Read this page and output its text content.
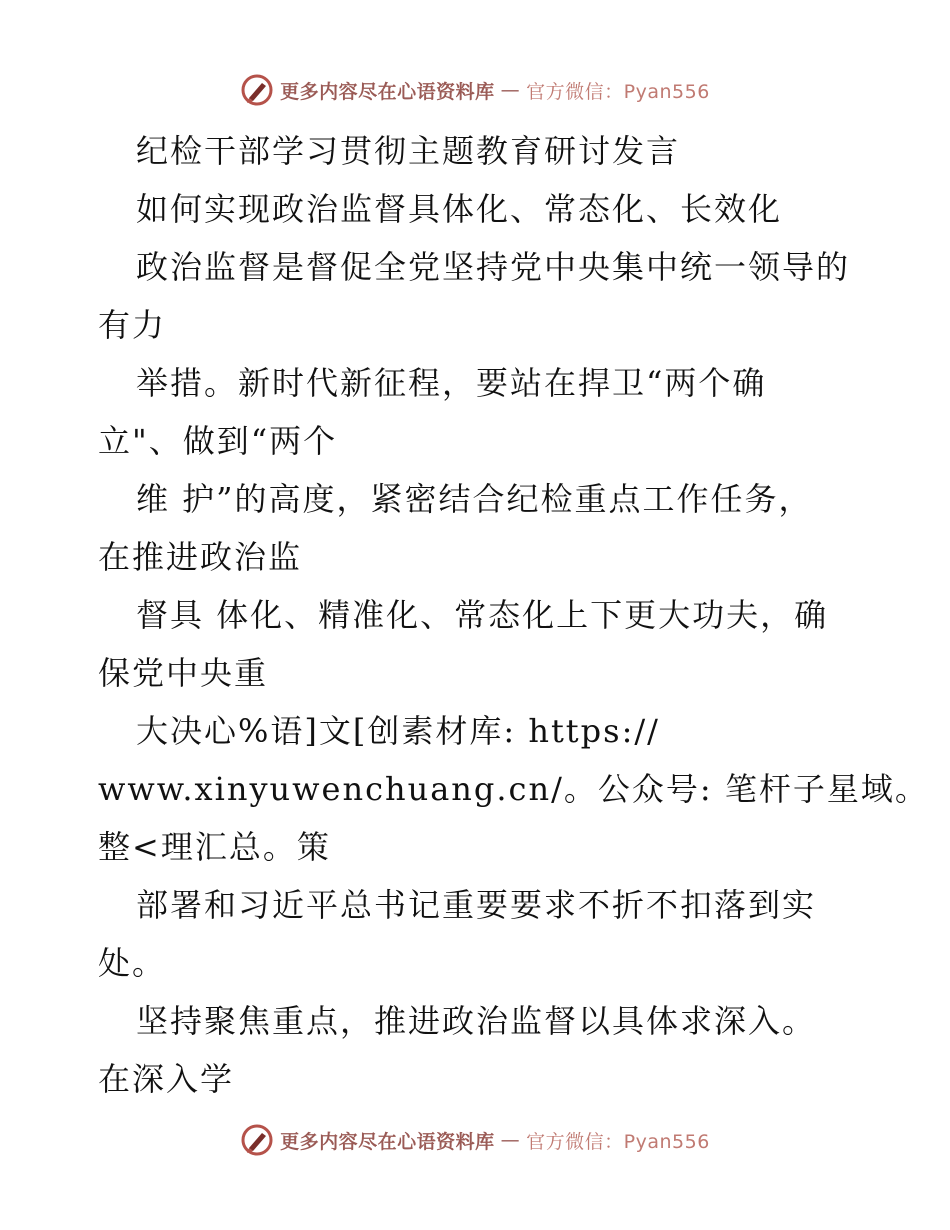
更多内容尽在心语资料库 — 官方微信：Pyan556
纪检干部学习贯彻主题教育研讨发言
如何实现政治监督具体化、常态化、长效化
政治监督是督促全党坚持党中央集中统一领导的
有力
举措。新时代新征程，要站在捍卫“两个确
立"、做到“两个
维 护”的高度，紧密结合纪检重点工作任务，
在推进政治监
督具 体化、精准化、常态化上下更大功夫，确
保党中央重
大决心%语]文[创素材库: https://
www.xinyuwenchuang.cn/。公众号: 笔杆子星域。
整<理汇总。策
部署和习近平总书记重要要求不折不扣落到实
处。
坚持聚焦重点，推进政治监督以具体求深入。
在深入学
更多内容尽在心语资料库 — 官方微信：Pyan556
